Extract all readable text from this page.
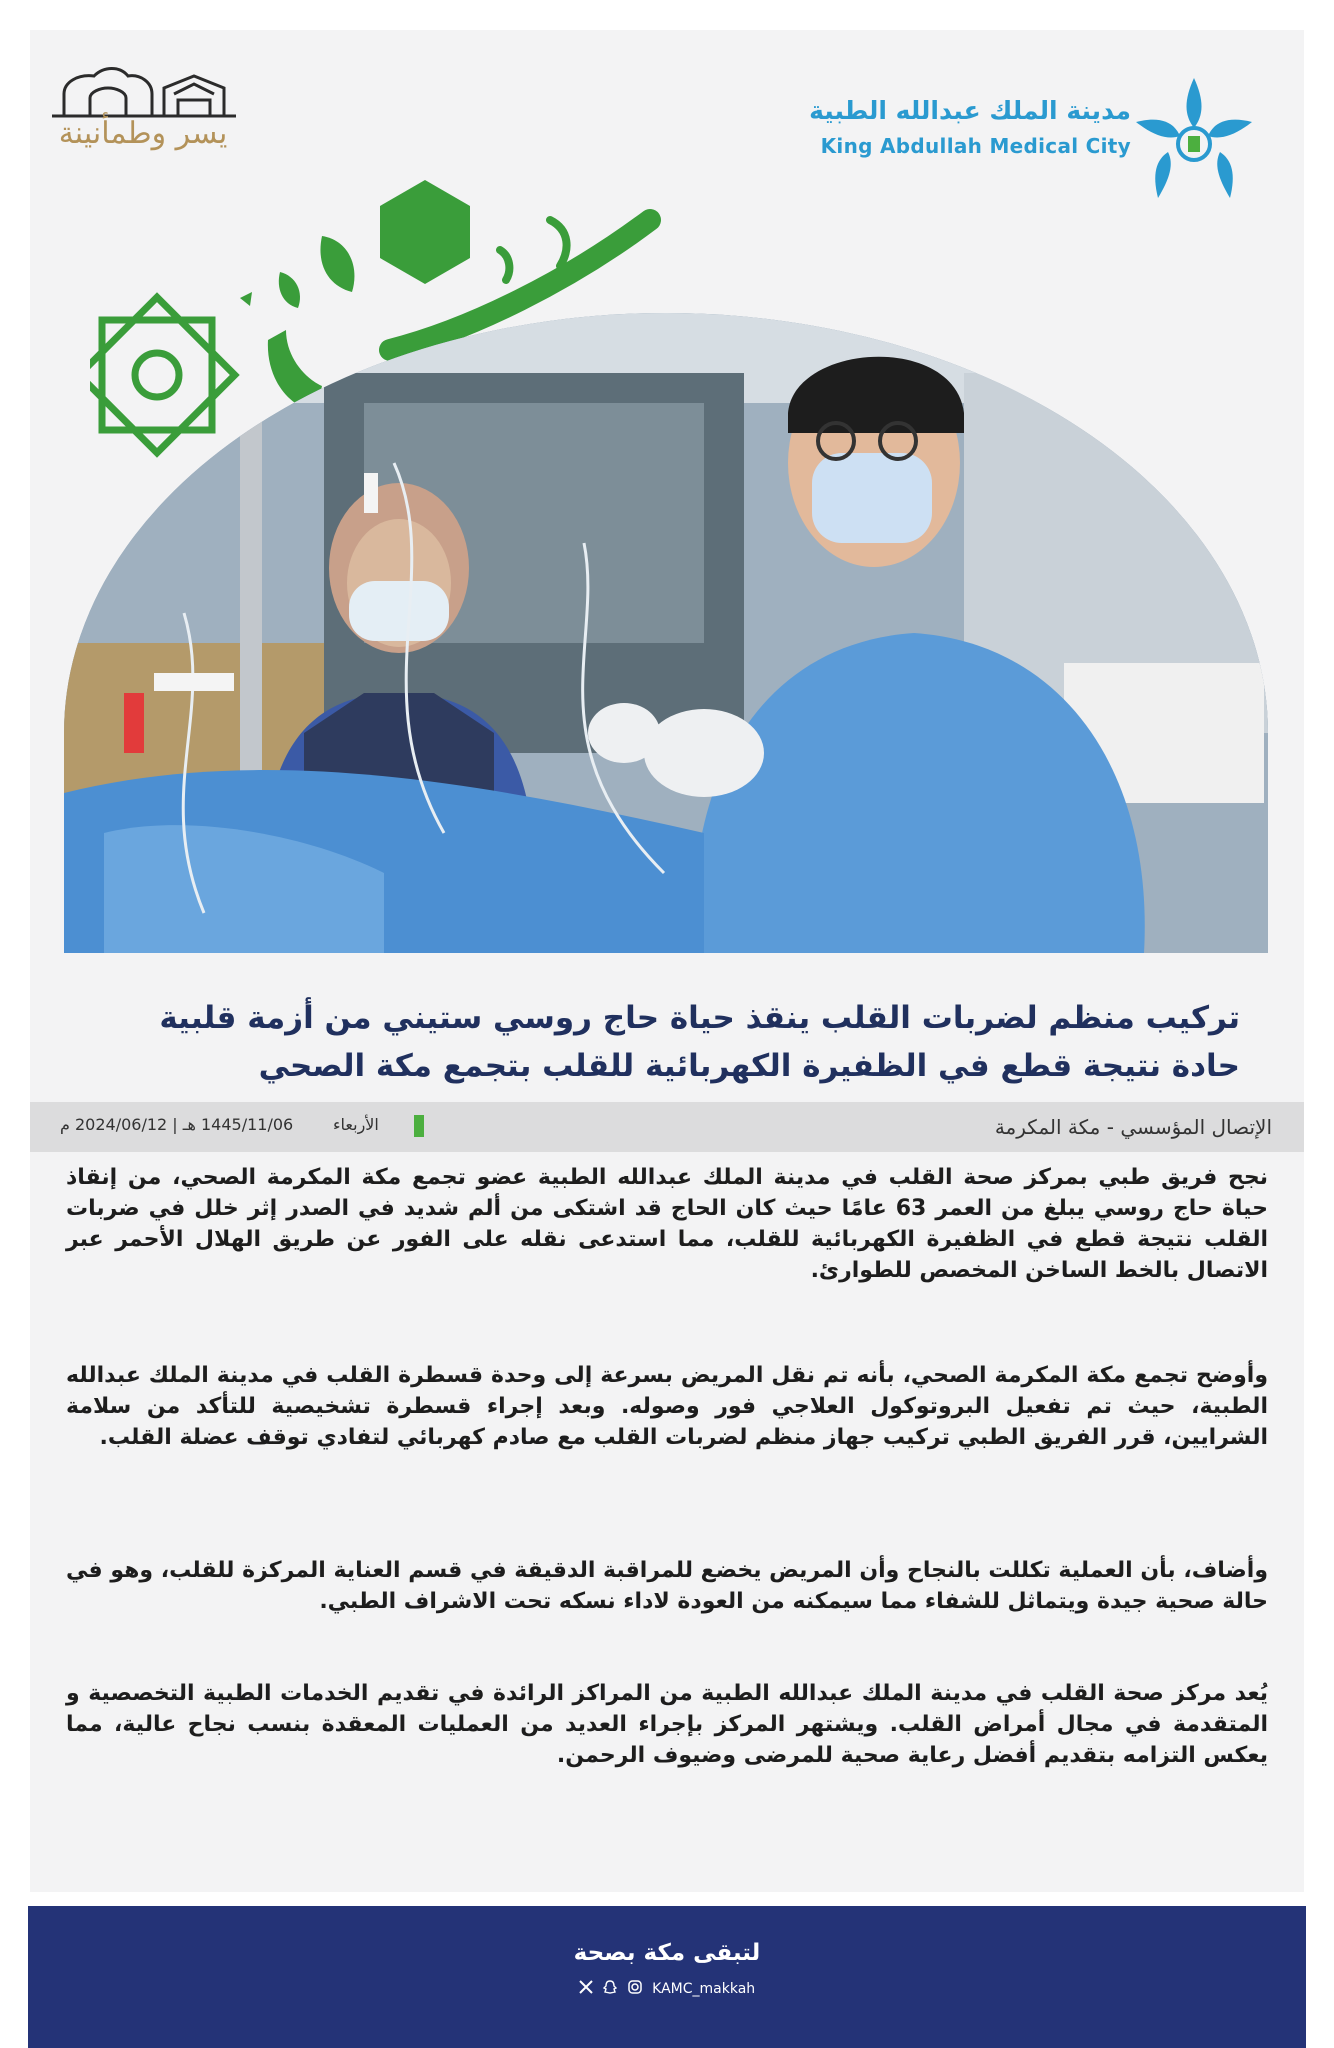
مدينة الملك عبدالله الطبية
King Abdullah Medical City
يسر وطمأنينة
تركيب منظم لضربات القلب ينقذ حياة حاج روسي ستيني من أزمة قلبية حادة نتيجة قطع في الظفيرة الكهربائية للقلب بتجمع مكة الصحي
الإتصال المؤسسي - مكة المكرمة
الأربعاء
1445/11/06 هـ | 2024/06/12 م
نجح فريق طبي بمركز صحة القلب في مدينة الملك عبدالله الطبية عضو تجمع مكة المكرمة الصحي، من إنقاذ حياة حاج روسي يبلغ من العمر 63 عامًا حيث كان الحاج قد اشتكى من ألم شديد في الصدر إثر خلل في ضربات القلب نتيجة قطع في الظفيرة الكهربائية للقلب، مما استدعى نقله على الفور عن طريق الهلال الأحمر عبر الاتصال بالخط الساخن المخصص للطوارئ.
وأوضح تجمع مكة المكرمة الصحي، بأنه تم نقل المريض بسرعة إلى وحدة قسطرة القلب في مدينة الملك عبدالله الطبية، حيث تم تفعيل البروتوكول العلاجي فور وصوله. وبعد إجراء قسطرة تشخيصية للتأكد من سلامة الشرايين، قرر الفريق الطبي تركيب جهاز منظم لضربات القلب مع صادم كهربائي لتفادي توقف عضلة القلب.
وأضاف، بأن العملية تكللت بالنجاح وأن المريض يخضع للمراقبة الدقيقة في قسم العناية المركزة للقلب، وهو في حالة صحية جيدة ويتماثل للشفاء مما سيمكنه من العودة لاداء نسكه تحت الاشراف الطبي.
يُعد مركز صحة القلب في مدينة الملك عبدالله الطبية من المراكز الرائدة في تقديم الخدمات الطبية التخصصية و المتقدمة في مجال أمراض القلب. ويشتهر المركز بإجراء العديد من العمليات المعقدة بنسب نجاح عالية، مما يعكس التزامه بتقديم أفضل رعاية صحية للمرضى وضيوف الرحمن.
لتبقى مكة بصحة
KAMC_makkah
